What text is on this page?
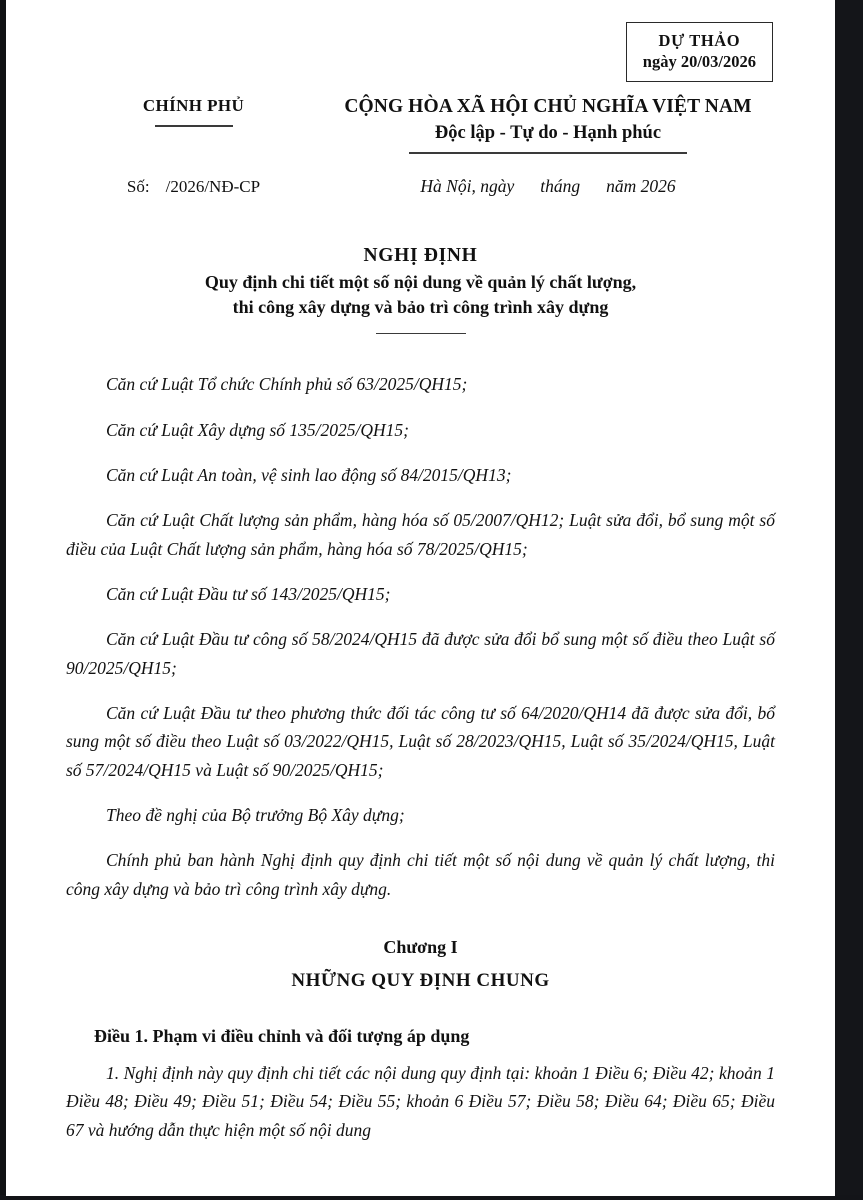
DỰ THẢO
ngày 20/03/2026
CHÍNH PHỦ	CỘNG HÒA XÃ HỘI CHỦ NGHĨA VIỆT NAM
Độc lập - Tự do - Hạnh phúc
Số: /2026/NĐ-CP	Hà Nội, ngày tháng năm 2026
NGHỊ ĐỊNH
Quy định chi tiết một số nội dung về quản lý chất lượng,
thi công xây dựng và bảo trì công trình xây dựng

Căn cứ Luật Tổ chức Chính phủ số 63/2025/QH15;

Căn cứ Luật Xây dựng số 135/2025/QH15;

Căn cứ Luật An toàn, vệ sinh lao động số 84/2015/QH13;

Căn cứ Luật Chất lượng sản phẩm, hàng hóa số 05/2007/QH12; Luật sửa đổi, bổ sung một số điều của Luật Chất lượng sản phẩm, hàng hóa số 78/2025/QH15;

Căn cứ Luật Đầu tư số 143/2025/QH15;

Căn cứ Luật Đầu tư công số 58/2024/QH15 đã được sửa đổi bổ sung một số điều theo Luật số 90/2025/QH15;

Căn cứ Luật Đầu tư theo phương thức đối tác công tư số 64/2020/QH14 đã được sửa đổi, bổ sung một số điều theo Luật số 03/2022/QH15, Luật số 28/2023/QH15, Luật số 35/2024/QH15, Luật số 57/2024/QH15 và Luật số 90/2025/QH15;

Theo đề nghị của Bộ trưởng Bộ Xây dựng;

Chính phủ ban hành Nghị định quy định chi tiết một số nội dung về quản lý chất lượng, thi công xây dựng và bảo trì công trình xây dựng.

Chương I
NHỮNG QUY ĐỊNH CHUNG
Điều 1. Phạm vi điều chỉnh và đối tượng áp dụng

1. Nghị định này quy định chi tiết các nội dung quy định tại: khoản 1 Điều 6; Điều 42; khoản 1 Điều 48; Điều 49; Điều 51; Điều 54; Điều 55; khoản 6 Điều 57; Điều 58; Điều 64; Điều 65; Điều 67 và hướng dẫn thực hiện một số nội dung
